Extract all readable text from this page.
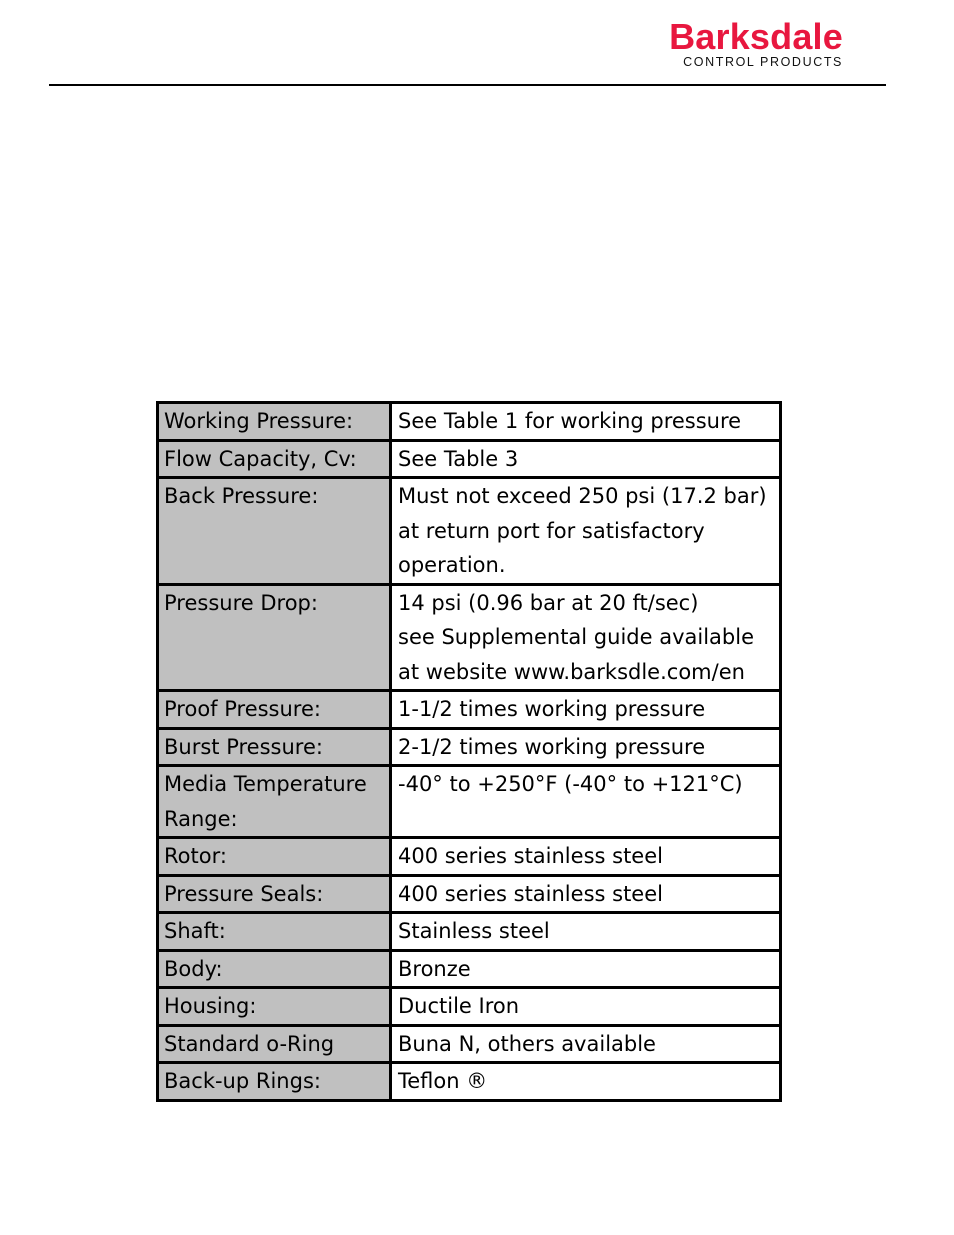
Barksdale
CONTROL PRODUCTS
Working Pressure:	See Table 1 for working pressure

Flow Capacity, Cv:	See Table 3

Back Pressure:	Must not exceed 250 psi (17.2 bar)
at return port for satisfactory
operation.

Pressure Drop:	14 psi (0.96 bar at 20 ft/sec)
see Supplemental guide available
at website www.barksdle.com/en

Proof Pressure:	1-1/2 times working pressure

Burst Pressure:	2-1/2 times working pressure

Media Temperature Range:	-40° to +250°F (-40° to +121°C)

Rotor:	400 series stainless steel

Pressure Seals:	400 series stainless steel

Shaft:	Stainless steel

Body:	Bronze

Housing:	Ductile Iron

Standard o-Ring	Buna N, others available

Back-up Rings:	Teflon ®
